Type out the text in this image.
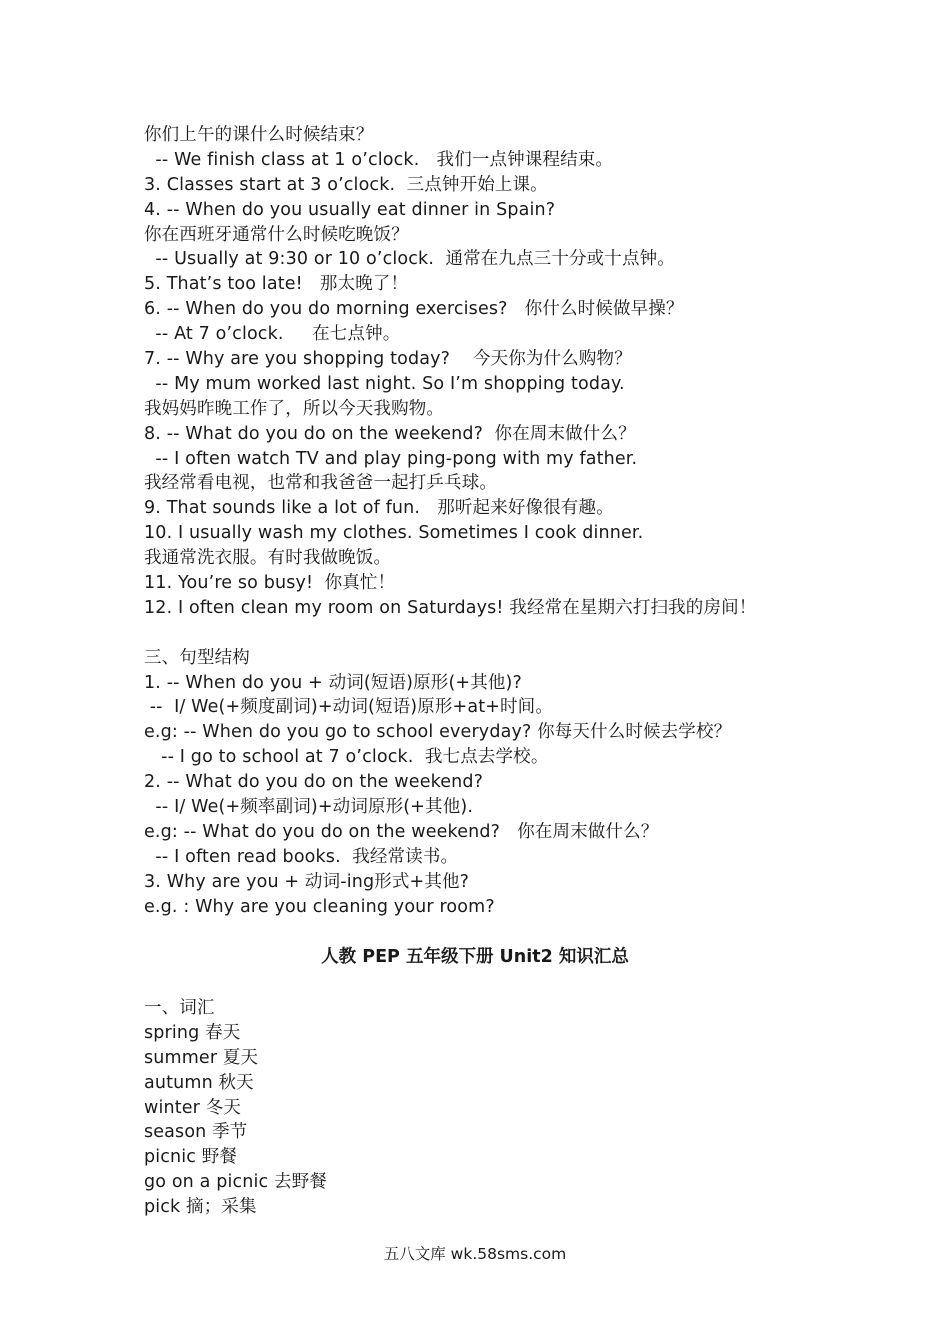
你们上午的课什么时候结束？
-- We finish class at 1 o’clock.   我们一点钟课程结束。
3. Classes start at 3 o’clock.  三点钟开始上课。
4. -- When do you usually eat dinner in Spain?
你在西班牙通常什么时候吃晚饭？
-- Usually at 9:30 or 10 o’clock.  通常在九点三十分或十点钟。
5. That’s too late!   那太晚了！
6. -- When do you do morning exercises?   你什么时候做早操？
-- At 7 o’clock.     在七点钟。
7. -- Why are you shopping today?    今天你为什么购物？
-- My mum worked last night. So I’m shopping today.
我妈妈昨晚工作了，所以今天我购物。
8. -- What do you do on the weekend?  你在周末做什么？
-- I often watch TV and play ping-pong with my father.
我经常看电视，也常和我爸爸一起打乒乓球。
9. That sounds like a lot of fun.   那听起来好像很有趣。
10. I usually wash my clothes. Sometimes I cook dinner.
我通常洗衣服。有时我做晚饭。
11. You’re so busy!  你真忙！
12. I often clean my room on Saturdays! 我经常在星期六打扫我的房间！
三、句型结构
1. -- When do you + 动词(短语)原形(+其他)?
--  I/ We(+频度副词)+动词(短语)原形+at+时间。
e.g: -- When do you go to school everyday? 你每天什么时候去学校？
-- I go to school at 7 o’clock.  我七点去学校。
2. -- What do you do on the weekend?
-- I/ We(+频率副词)+动词原形(+其他).
e.g: -- What do you do on the weekend?   你在周末做什么？
-- I often read books.  我经常读书。
3. Why are you + 动词-ing形式+其他?
e.g. : Why are you cleaning your room?
人教 PEP 五年级下册 Unit2 知识汇总
一、词汇
spring 春天
summer 夏天
autumn 秋天
winter 冬天
season 季节
picnic 野餐
go on a picnic 去野餐
pick 摘；采集
五八文库 wk.58sms.com
